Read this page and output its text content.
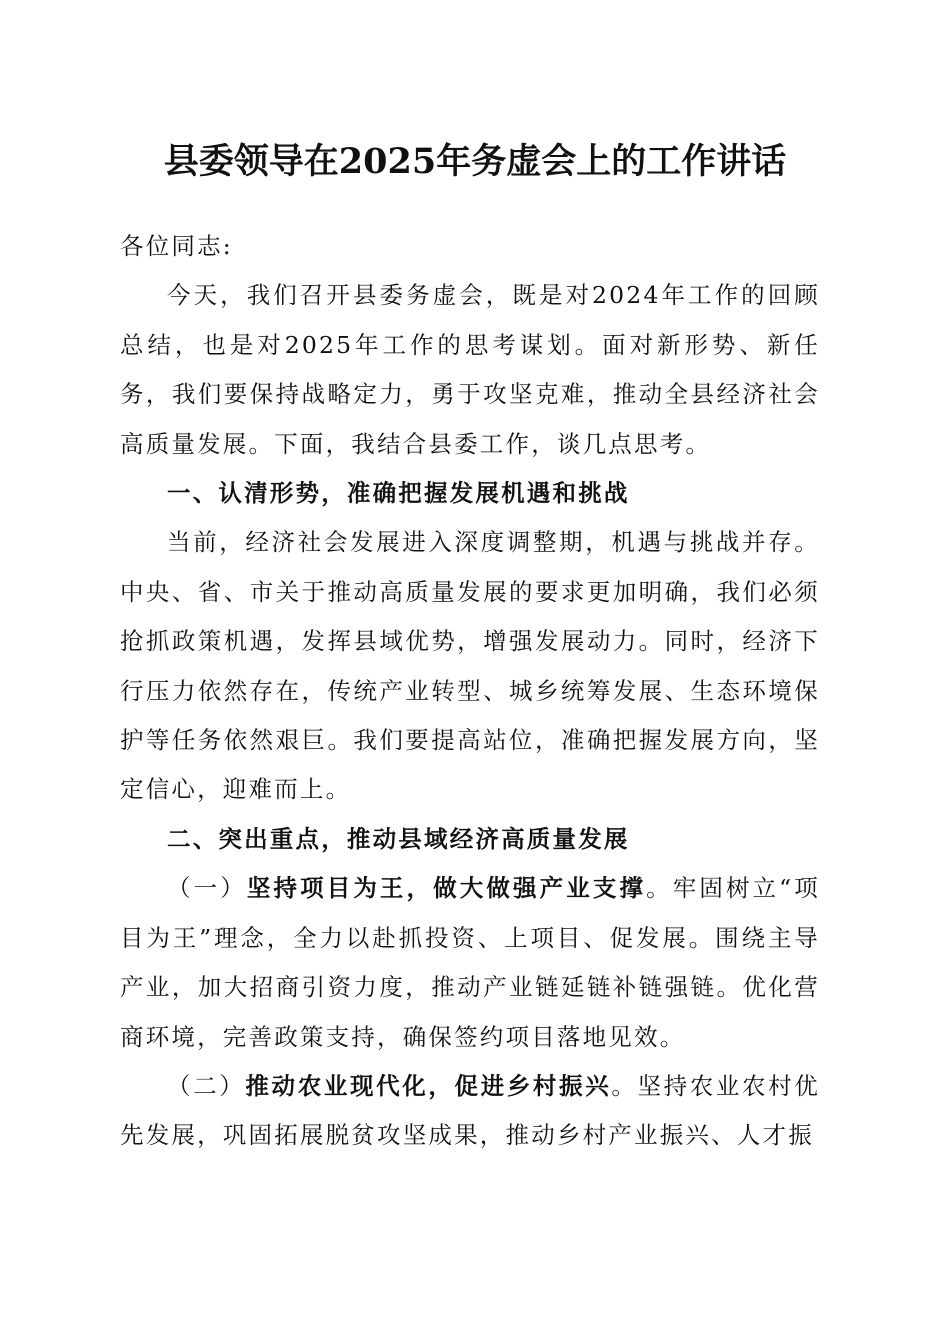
县委领导在2025年务虚会上的工作讲话

各位同志:

今天，我们召开县委务虚会，既是对2024年工作的回顾总结，也是对2025年工作的思考谋划。面对新形势、新任务，我们要保持战略定力，勇于攻坚克难，推动全县经济社会高质量发展。下面，我结合县委工作，谈几点思考。

一、认清形势，准确把握发展机遇和挑战

当前，经济社会发展进入深度调整期，机遇与挑战并存。中央、省、市关于推动高质量发展的要求更加明确，我们必须抢抓政策机遇，发挥县域优势，增强发展动力。同时，经济下行压力依然存在，传统产业转型、城乡统筹发展、生态环境保护等任务依然艰巨。我们要提高站位，准确把握发展方向，坚定信心，迎难而上。

二、突出重点，推动县域经济高质量发展

（一）坚持项目为王，做大做强产业支撑。牢固树立“项目为王”理念，全力以赴抓投资、上项目、促发展。围绕主导产业，加大招商引资力度，推动产业链延链补链强链。优化营商环境，完善政策支持，确保签约项目落地见效。

（二）推动农业现代化，促进乡村振兴。坚持农业农村优先发展，巩固拓展脱贫攻坚成果，推动乡村产业振兴、人才振
